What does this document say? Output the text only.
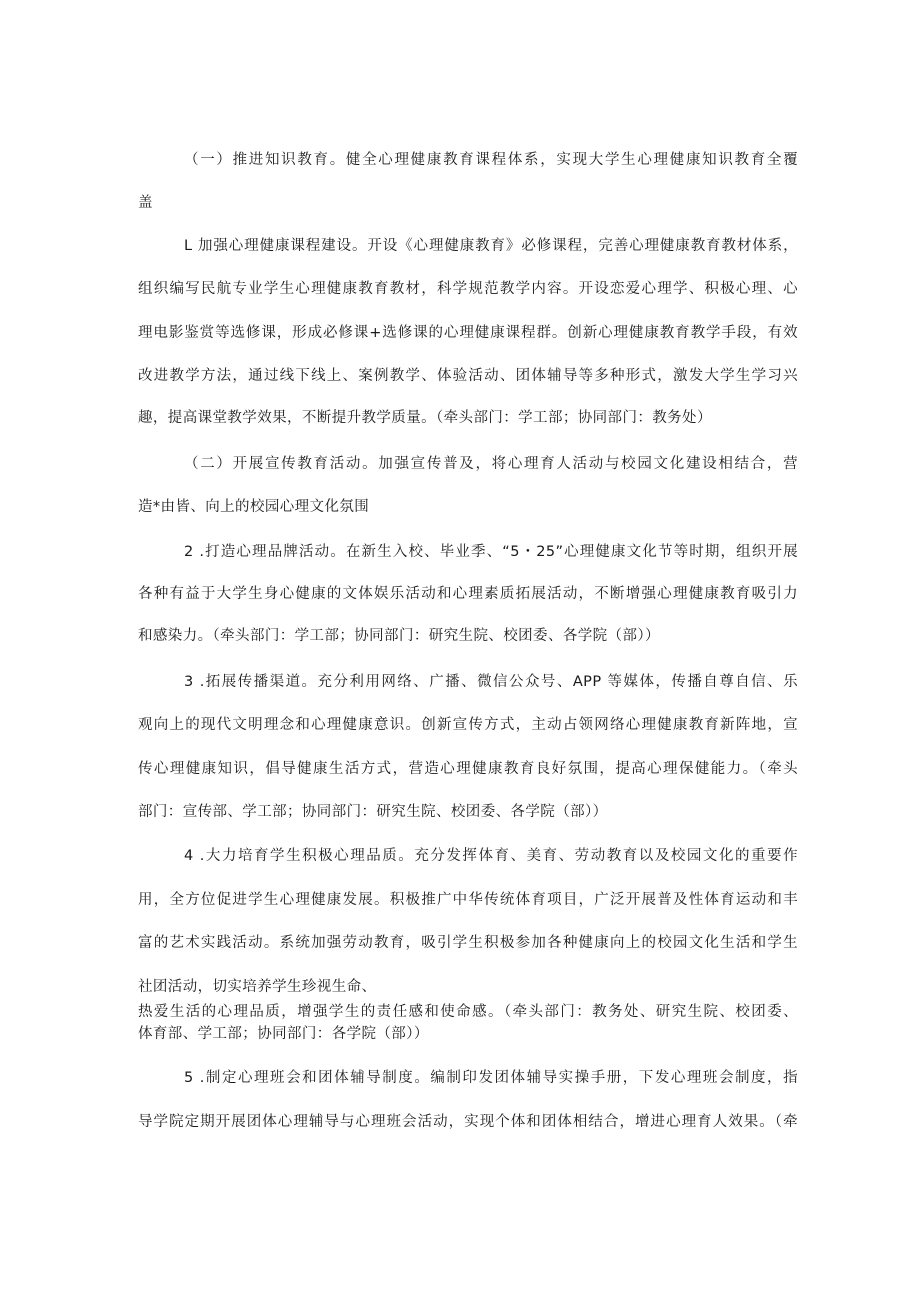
（一）推进知识教育。健全心理健康教育课程体系，实现大学生心理健康知识教育全覆
盖
L 加强心理健康课程建设。开设《心理健康教育》必修课程，完善心理健康教育教材体系，
组织编写民航专业学生心理健康教育教材，科学规范教学内容。开设恋爱心理学、积极心理、心
理电影鉴赏等选修课，形成必修课+选修课的心理健康课程群。创新心理健康教育教学手段，有效
改进教学方法，通过线下线上、案例教学、体验活动、团体辅导等多种形式，激发大学生学习兴
趣，提高课堂教学效果，不断提升教学质量。（牵头部门：学工部；协同部门：教务处）
（二）开展宣传教育活动。加强宣传普及，将心理育人活动与校园文化建设相结合，营
造*由皆、向上的校园心理文化氛围
2 .打造心理品牌活动。在新生入校、毕业季、“5・25”心理健康文化节等时期，组织开展
各种有益于大学生身心健康的文体娱乐活动和心理素质拓展活动，不断增强心理健康教育吸引力
和感染力。（牵头部门：学工部；协同部门：研究生院、校团委、各学院（部））
3 .拓展传播渠道。充分利用网络、广播、微信公众号、APP 等媒体，传播自尊自信、乐
观向上的现代文明理念和心理健康意识。创新宣传方式，主动占领网络心理健康教育新阵地，宣
传心理健康知识，倡导健康生活方式，营造心理健康教育良好氛围，提高心理保健能力。（牵头
部门：宣传部、学工部；协同部门：研究生院、校团委、各学院（部））
4 .大力培育学生积极心理品质。充分发挥体育、美育、劳动教育以及校园文化的重要作
用，全方位促进学生心理健康发展。积极推广中华传统体育项目，广泛开展普及性体育运动和丰
富的艺术实践活动。系统加强劳动教育，吸引学生积极参加各种健康向上的校园文化生活和学生
社团活动，切实培养学生珍视生命、
热爱生活的心理品质，增强学生的责任感和使命感。（牵头部门：教务处、研究生院、校团委、
体育部、学工部；协同部门：各学院（部））
5 .制定心理班会和团体辅导制度。编制印发团体辅导实操手册，下发心理班会制度，指
导学院定期开展团体心理辅导与心理班会活动，实现个体和团体相结合，增进心理育人效果。（牵
